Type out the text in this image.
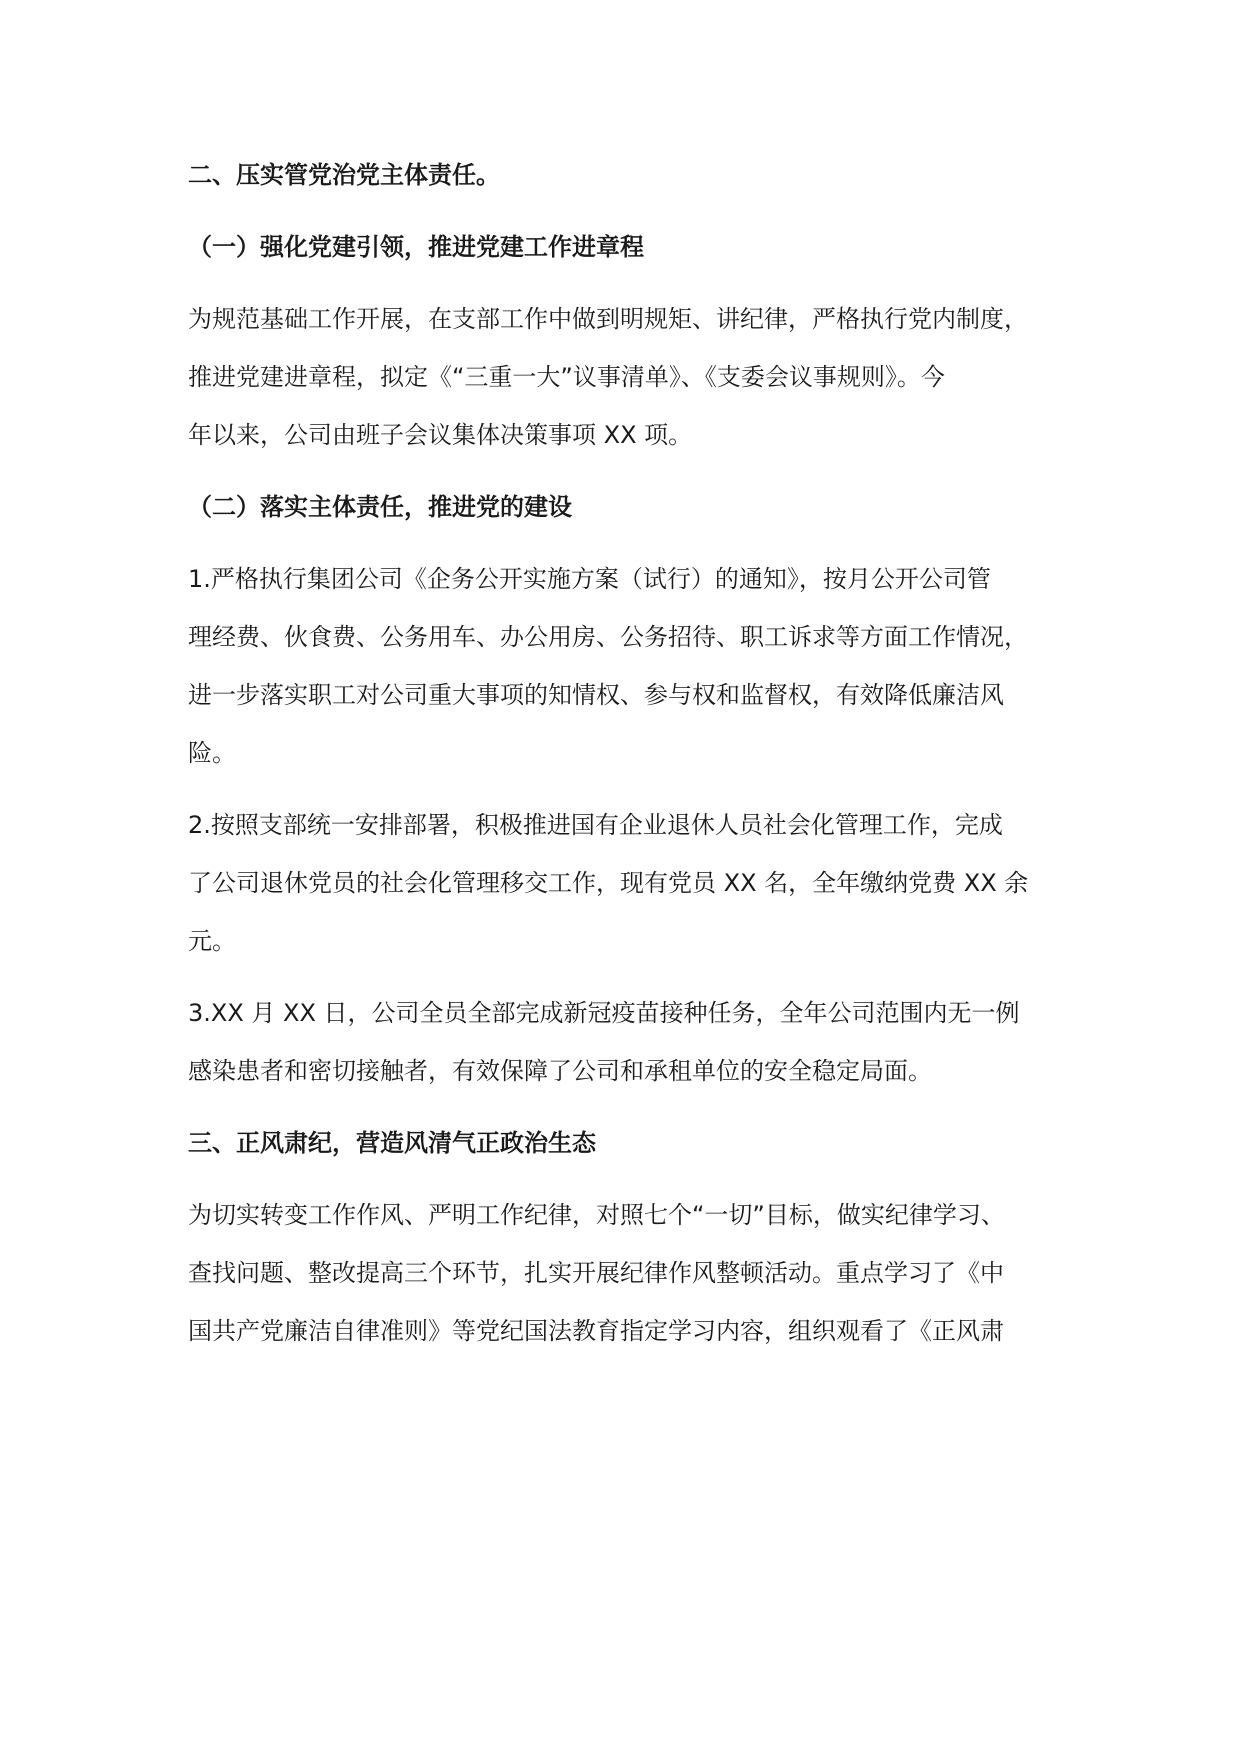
二、压实管党治党主体责任。
（一）强化党建引领，推进党建工作进章程
为规范基础工作开展，在支部工作中做到明规矩、讲纪律，严格执行党内制度，
推进党建进章程，拟定《“三重一大”议事清单》、《支委会议事规则》。今
年以来，公司由班子会议集体决策事项 XX 项。
（二）落实主体责任，推进党的建设
1.严格执行集团公司《企务公开实施方案（试行）的通知》，按月公开公司管
理经费、伙食费、公务用车、办公用房、公务招待、职工诉求等方面工作情况，
进一步落实职工对公司重大事项的知情权、参与权和监督权，有效降低廉洁风
险。
2.按照支部统一安排部署，积极推进国有企业退休人员社会化管理工作，完成
了公司退休党员的社会化管理移交工作，现有党员 XX 名，全年缴纳党费 XX 余
元。
3.XX 月 XX 日，公司全员全部完成新冠疫苗接种任务，全年公司范围内无一例
感染患者和密切接触者，有效保障了公司和承租单位的安全稳定局面。
三、正风肃纪，营造风清气正政治生态
为切实转变工作作风、严明工作纪律，对照七个“一切”目标，做实纪律学习、
查找问题、整改提高三个环节，扎实开展纪律作风整顿活动。重点学习了《中
国共产党廉洁自律准则》等党纪国法教育指定学习内容，组织观看了《正风肃
